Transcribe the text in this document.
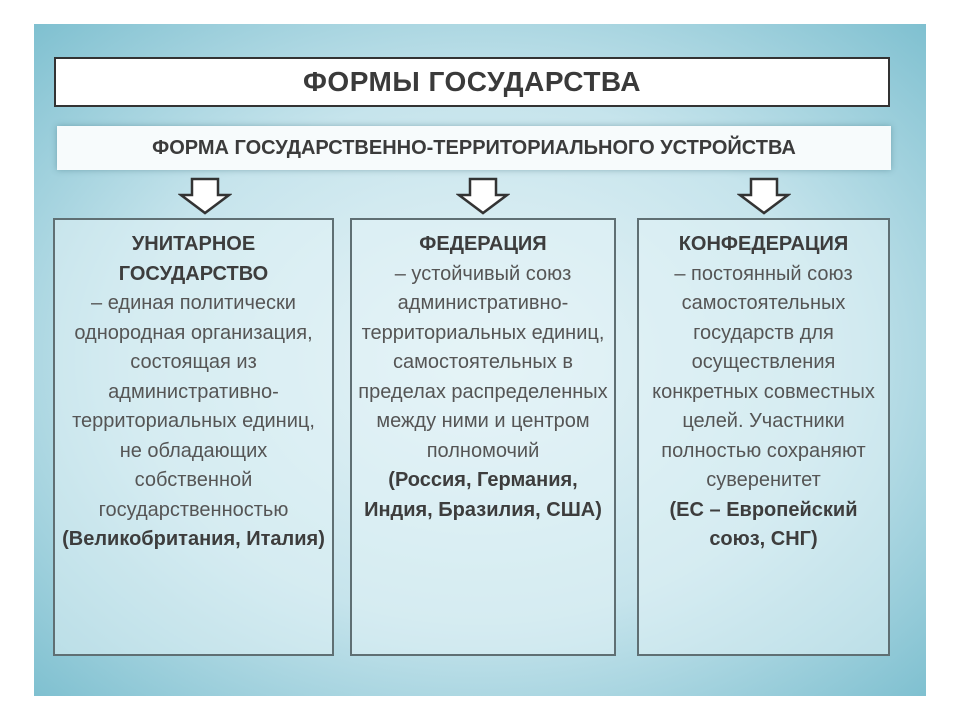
ФОРМЫ ГОСУДАРСТВА
ФОРМА ГОСУДАРСТВЕННО-ТЕРРИТОРИАЛЬНОГО УСТРОЙСТВА
УНИТАРНОЕ ГОСУДАРСТВО
– единая политически однородная организация, состоящая из административно-территориальных единиц, не обладающих собственной государственностью
(Великобритания, Италия)
ФЕДЕРАЦИЯ
– устойчивый союз административно-территориальных единиц, самостоятельных в пределах распределенных между ними и центром полномочий
(Россия, Германия, Индия, Бразилия, США)
КОНФЕДЕРАЦИЯ
– постоянный союз самостоятельных государств для осуществления конкретных совместных целей. Участники полностью сохраняют суверенитет
(ЕС – Европейский союз, СНГ)
